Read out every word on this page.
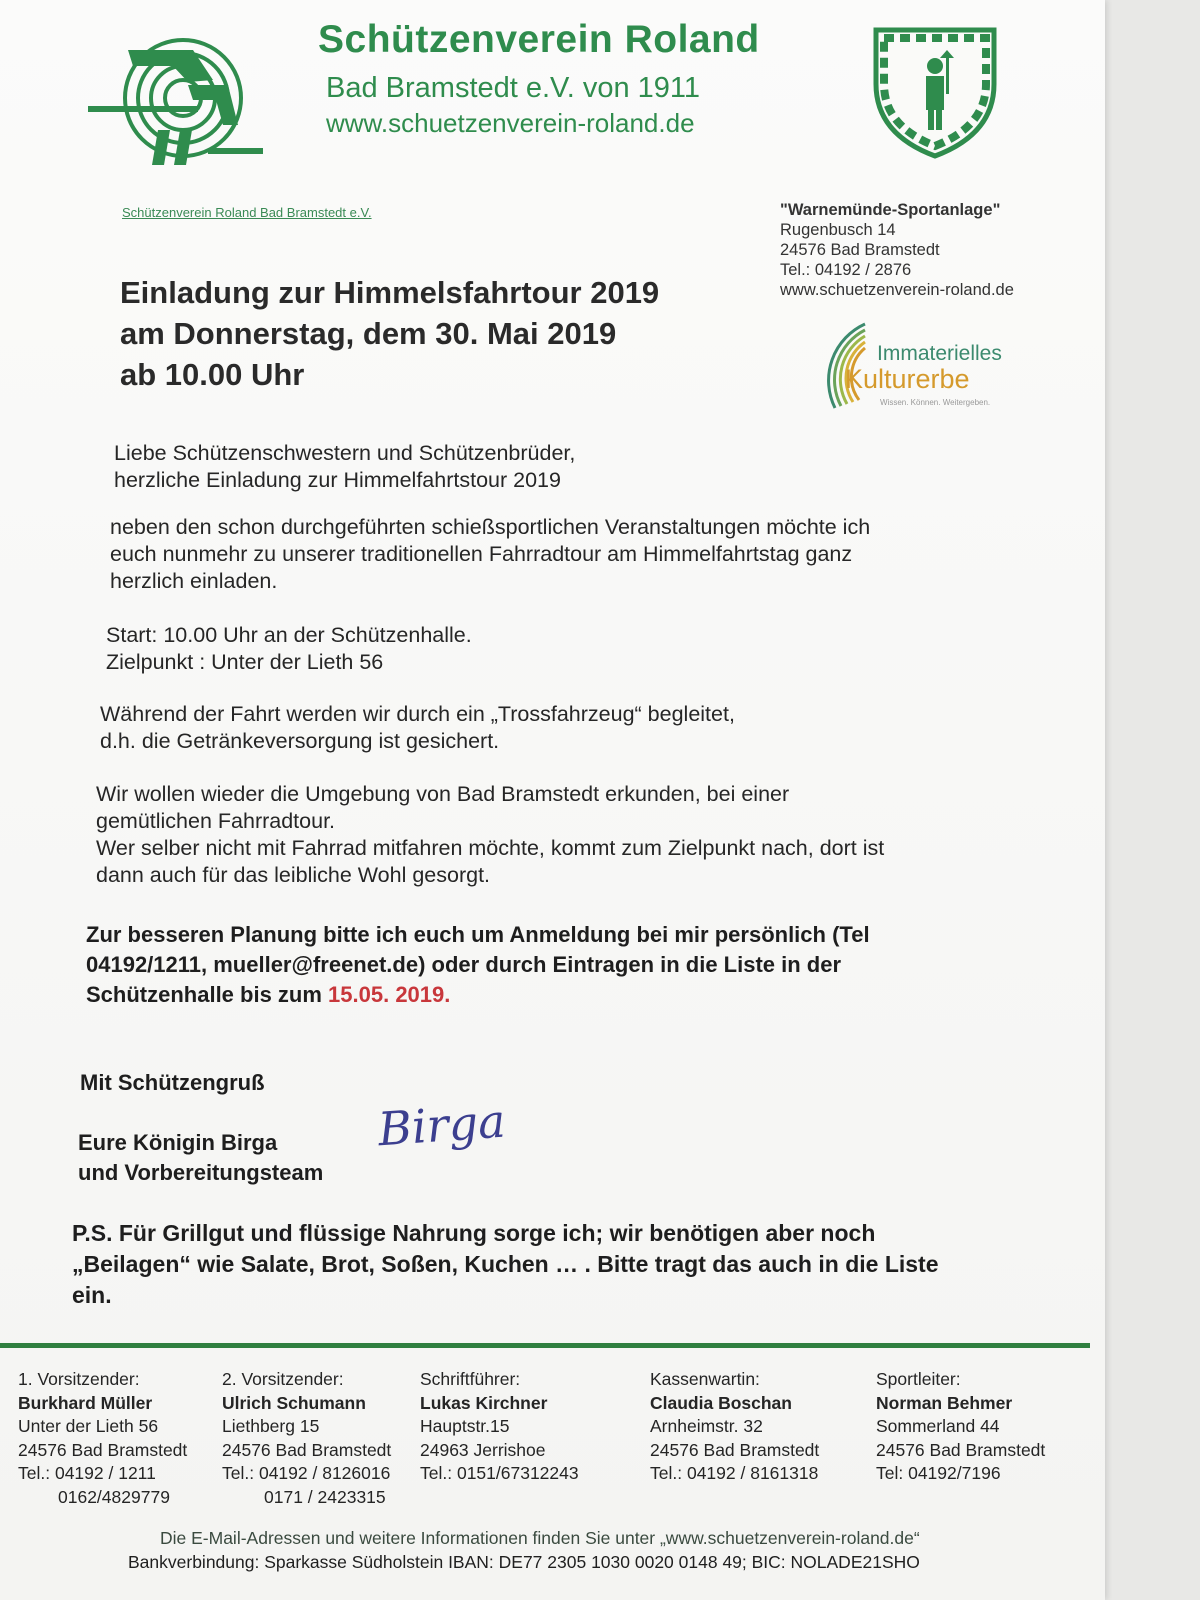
Schützenverein Roland
Bad Bramstedt e.V. von 1911
www.schuetzenverein-roland.de
Schützenverein Roland Bad Bramstedt e.V.	"Warnemünde-Sportanlage"
Rugenbusch 14
24576 Bad Bramstedt
Tel.: 04192 / 2876
www.schuetzenverein-roland.de
Einladung zur Himmelsfahrtour 2019
am Donnerstag, dem 30. Mai 2019
ab 10.00 Uhr
Immaterielles
Kulturerbe
Wissen. Können. Weitergeben.
Liebe Schützenschwestern und Schützenbrüder,
herzliche Einladung zur Himmelfahrtstour 2019
neben den schon durchgeführten schießsportlichen Veranstaltungen möchte ich
euch nunmehr zu unserer traditionellen Fahrradtour am Himmelfahrtstag ganz
herzlich einladen.
Start: 10.00 Uhr an der Schützenhalle.
Zielpunkt : Unter der Lieth 56
Während der Fahrt werden wir durch ein „Trossfahrzeug“ begleitet,
d.h. die Getränkeversorgung ist gesichert.
Wir wollen wieder die Umgebung von Bad Bramstedt erkunden, bei einer
gemütlichen Fahrradtour.
Wer selber nicht mit Fahrrad mitfahren möchte, kommt zum Zielpunkt nach, dort ist
dann auch für das leibliche Wohl gesorgt.
Zur besseren Planung bitte ich euch um Anmeldung bei mir persönlich (Tel
04192/1211, mueller@freenet.de) oder durch Eintragen in die Liste in der
Schützenhalle bis zum 15.05. 2019.
Mit Schützengruß
Eure Königin Birga
und Vorbereitungsteam
Birga
P.S. Für Grillgut und flüssige Nahrung sorge ich; wir benötigen aber noch
„Beilagen“ wie Salate, Brot, Soßen, Kuchen … . Bitte tragt das auch in die Liste
ein.
1. Vorsitzender:
Burkhard Müller
Unter der Lieth 56
24576 Bad Bramstedt
Tel.: 04192 / 1211
0162/4829779
2. Vorsitzender:
Ulrich Schumann
Liethberg 15
24576 Bad Bramstedt
Tel.: 04192 / 8126016
0171 / 2423315
Schriftführer:
Lukas Kirchner
Hauptstr.15
24963 Jerrishoe
Tel.: 0151/67312243
Kassenwartin:
Claudia Boschan
Arnheimstr. 32
24576 Bad Bramstedt
Tel.: 04192 / 8161318
Sportleiter:
Norman Behmer
Sommerland 44
24576 Bad Bramstedt
Tel: 04192/7196
Die E-Mail-Adressen und weitere Informationen finden Sie unter „www.schuetzenverein-roland.de“
Bankverbindung: Sparkasse Südholstein IBAN: DE77 2305 1030 0020 0148 49; BIC: NOLADE21SHO
